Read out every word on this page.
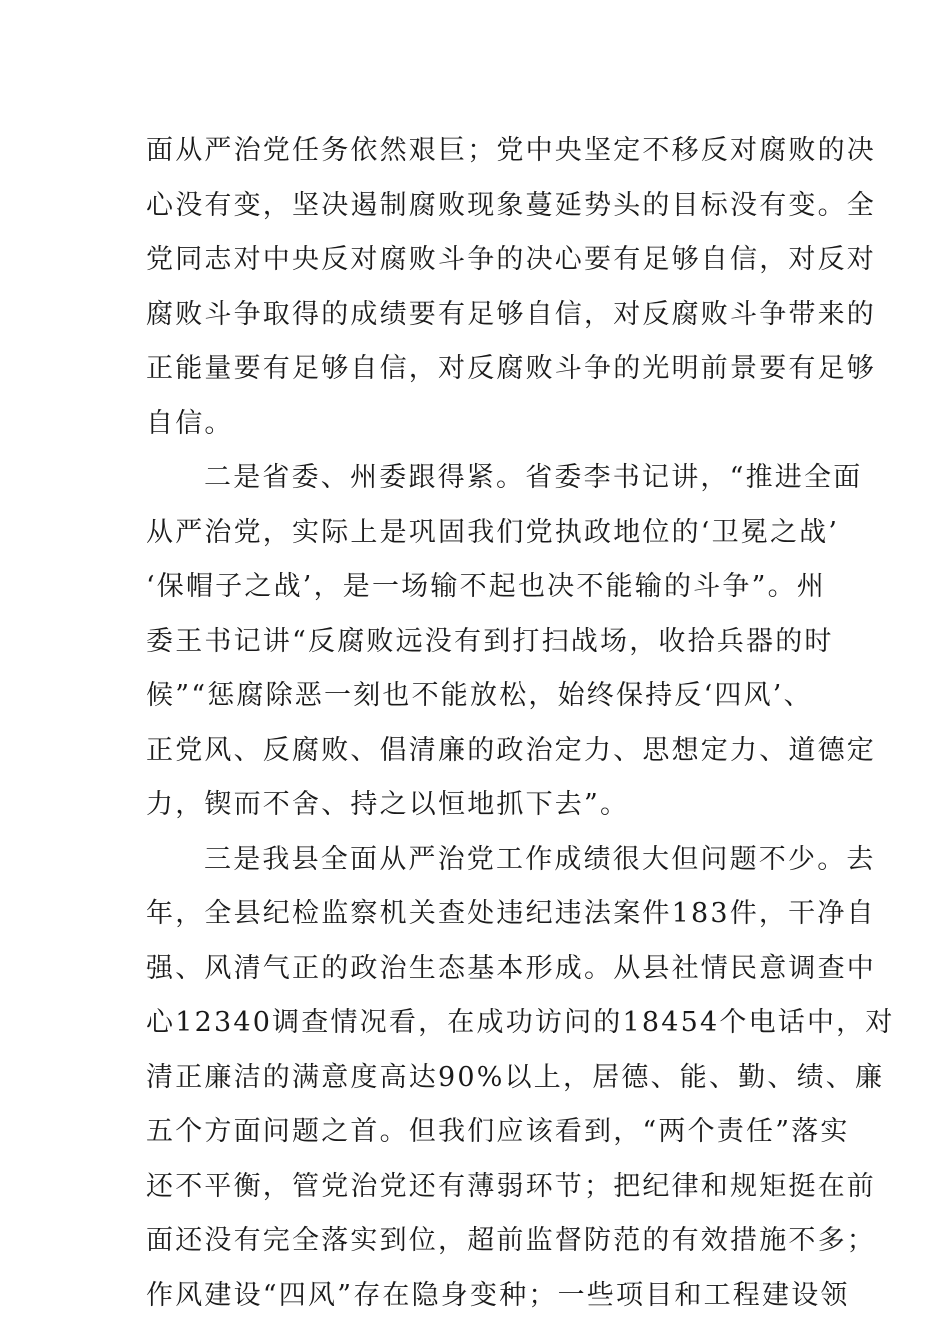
面从严治党任务依然艰巨；党中央坚定不移反对腐败的决
心没有变，坚决遏制腐败现象蔓延势头的目标没有变。全
党同志对中央反对腐败斗争的决心要有足够自信，对反对
腐败斗争取得的成绩要有足够自信，对反腐败斗争带来的
正能量要有足够自信，对反腐败斗争的光明前景要有足够
自信。
二是省委、州委跟得紧。省委李书记讲，“推进全面
从严治党，实际上是巩固我们党执政地位的‘卫冕之战’
‘保帽子之战’，是一场输不起也决不能输的斗争”。州
委王书记讲“反腐败远没有到打扫战场，收拾兵器的时
候”“惩腐除恶一刻也不能放松，始终保持反‘四风’、
正党风、反腐败、倡清廉的政治定力、思想定力、道德定
力，锲而不舍、持之以恒地抓下去”。
三是我县全面从严治党工作成绩很大但问题不少。去
年，全县纪检监察机关查处违纪违法案件183件，干净自
强、风清气正的政治生态基本形成。从县社情民意调查中
心12340调查情况看，在成功访问的18454个电话中，对
清正廉洁的满意度高达90%以上，居德、能、勤、绩、廉
五个方面问题之首。但我们应该看到，“两个责任”落实
还不平衡，管党治党还有薄弱环节；把纪律和规矩挺在前
面还没有完全落实到位，超前监督防范的有效措施不多；
作风建设“四风”存在隐身变种；一些项目和工程建设领
